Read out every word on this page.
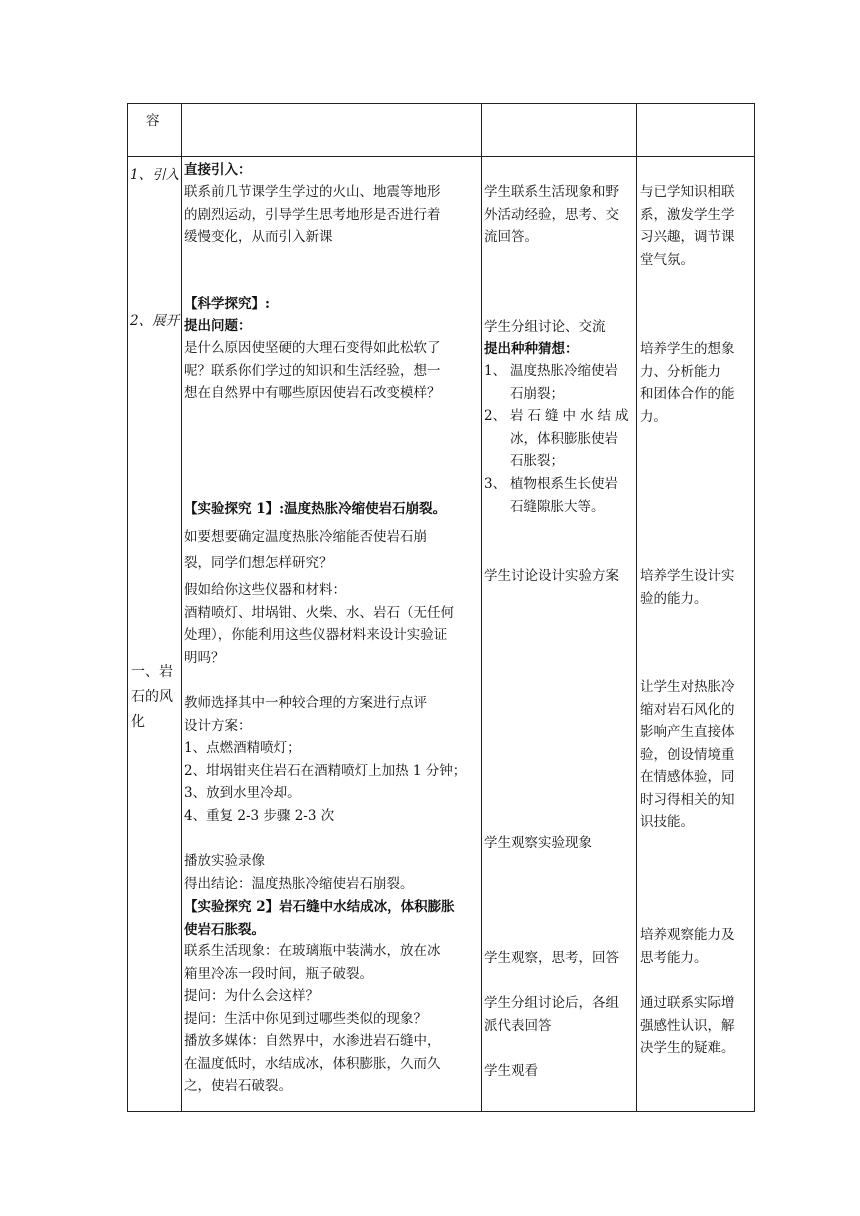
容
1、引入
2、展开
一、岩
石的风
化
直接引入：
联系前几节课学生学过的火山、地震等地形
的剧烈运动，引导学生思考地形是否进行着
缓慢变化，从而引入新课
【科学探究】:
提出问题：
是什么原因使坚硬的大理石变得如此松软了
呢？联系你们学过的知识和生活经验，想一
想在自然界中有哪些原因使岩石改变模样？
【实验探究 1】:温度热胀冷缩使岩石崩裂。
如要想要确定温度热胀冷缩能否使岩石崩
裂，同学们想怎样研究？
假如给你这些仪器和材料：
酒精喷灯、坩埚钳、火柴、水、岩石（无任何
处理），你能利用这些仪器材料来设计实验证
明吗？
教师选择其中一种较合理的方案进行点评
设计方案：
1、点燃酒精喷灯；
2、坩埚钳夹住岩石在酒精喷灯上加热 1 分钟；
3、放到水里冷却。
4、重复 2-3 步骤 2-3 次
播放实验录像
得出结论：温度热胀冷缩使岩石崩裂。
【实验探究 2】岩石缝中水结成冰，体积膨胀
使岩石胀裂。
联系生活现象：在玻璃瓶中装满水，放在冰
箱里冷冻一段时间，瓶子破裂。
提问：为什么会这样？
提问：生活中你见到过哪些类似的现象？
播放多媒体：自然界中，水渗进岩石缝中，
在温度低时，水结成冰，体积膨胀，久而久
之，使岩石破裂。
学生联系生活现象和野
外活动经验，思考、交
流回答。
学生分组讨论、交流
提出种种猜想：
1、 温度热胀冷缩使岩
石崩裂；
2、 岩石缝中水结成
冰，体积膨胀使岩
石胀裂；
3、 植物根系生长使岩
石缝隙胀大等。
学生讨论设计实验方案
学生观察实验现象
学生观察，思考，回答
学生分组讨论后，各组
派代表回答
学生观看
与已学知识相联
系，激发学生学
习兴趣，调节课
堂气氛。
培养学生的想象
力、分析能力
和团体合作的能
力。
培养学生设计实
验的能力。
让学生对热胀冷
缩对岩石风化的
影响产生直接体
验，创设情境重
在情感体验，同
时习得相关的知
识技能。
培养观察能力及
思考能力。
通过联系实际增
强感性认识，解
决学生的疑难。
